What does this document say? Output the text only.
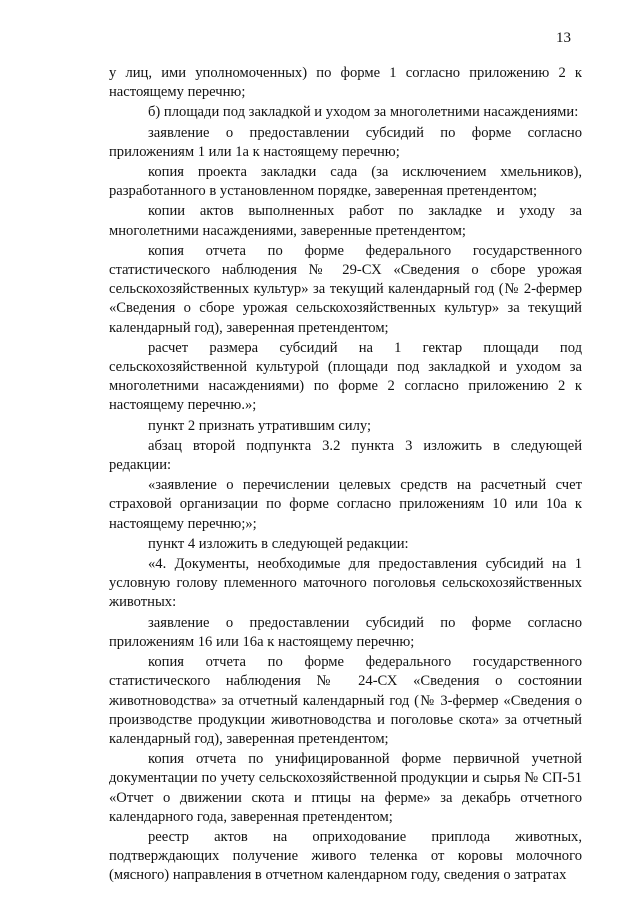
13

у лиц, ими уполномоченных) по форме 1 согласно приложению 2 к настоящему перечню;

б) площади под закладкой и уходом за многолетними насаждениями:

заявление о предоставлении субсидий по форме согласно приложениям 1 или 1а к настоящему перечню;

копия проекта закладки сада (за исключением хмельников), разработанного в установленном порядке, заверенная претендентом;

копии актов выполненных работ по закладке и уходу за многолетними насаждениями, заверенные претендентом;

копия отчета по форме федерального государственного статистического наблюдения № 29-СХ «Сведения о сборе урожая сельскохозяйственных культур» за текущий календарный год (№ 2-фермер «Сведения о сборе урожая сельскохозяйственных культур» за текущий календарный год), заверенная претендентом;

расчет размера субсидий на 1 гектар площади под сельскохозяйственной культурой (площади под закладкой и уходом за многолетними насаждениями) по форме 2 согласно приложению 2 к настоящему перечню.»;

пункт 2 признать утратившим силу;

абзац второй подпункта 3.2 пункта 3 изложить в следующей редакции:

«заявление о перечислении целевых средств на расчетный счет страховой организации по форме согласно приложениям 10 или 10а к настоящему перечню;»;

пункт 4 изложить в следующей редакции:

«4. Документы, необходимые для предоставления субсидий на 1 условную голову племенного маточного поголовья сельскохозяйственных животных:

заявление о предоставлении субсидий по форме согласно приложениям 16 или 16а к настоящему перечню;

копия отчета по форме федерального государственного статистического наблюдения № 24-СХ «Сведения о состоянии животноводства» за отчетный календарный год (№ 3-фермер «Сведения о производстве продукции животноводства и поголовье скота» за отчетный календарный год), заверенная претендентом;

копия отчета по унифицированной форме первичной учетной документации по учету сельскохозяйственной продукции и сырья № СП-51 «Отчет о движении скота и птицы на ферме» за декабрь отчетного календарного года, заверенная претендентом;

реестр актов на оприходование приплода животных, подтверждающих получение живого теленка от коровы молочного (мясного) направления в отчетном календарном году, сведения о затратах
